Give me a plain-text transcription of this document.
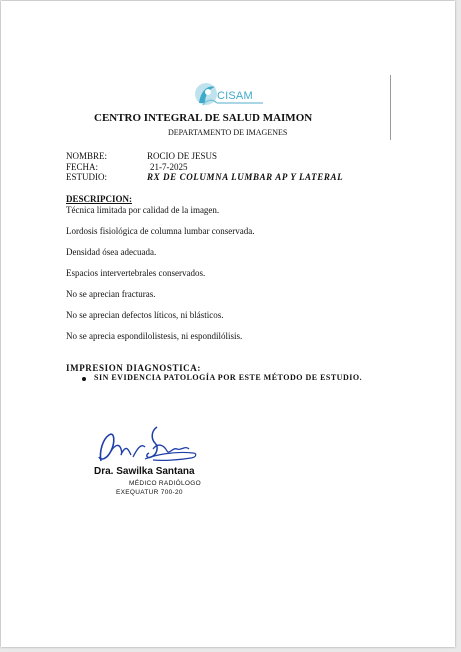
CISAM
CENTRO INTEGRAL DE SALUD MAIMON
DEPARTAMENTO DE IMAGENES
NOMBRE:	ROCIO DE JESUS
FECHA:	21-7-2025
ESTUDIO:	RX DE COLUMNA LUMBAR AP Y LATERAL
DESCRIPCION:
Técnica limitada por calidad de la imagen.
Lordosis fisiológica de columna lumbar conservada.
Densidad ósea adecuada.
Espacios intervertebrales conservados.
No se aprecian fracturas.
No se aprecian defectos líticos, ni blásticos.
No se aprecia espondilolistesis, ni espondilólisis.
IMPRESION DIAGNOSTICA:
SIN EVIDENCIA PATOLOGÍA POR ESTE MÉTODO DE ESTUDIO.
Dra. Sawilka Santana
MÉDICO RADIÓLOGO
EXEQUATUR 700-20
